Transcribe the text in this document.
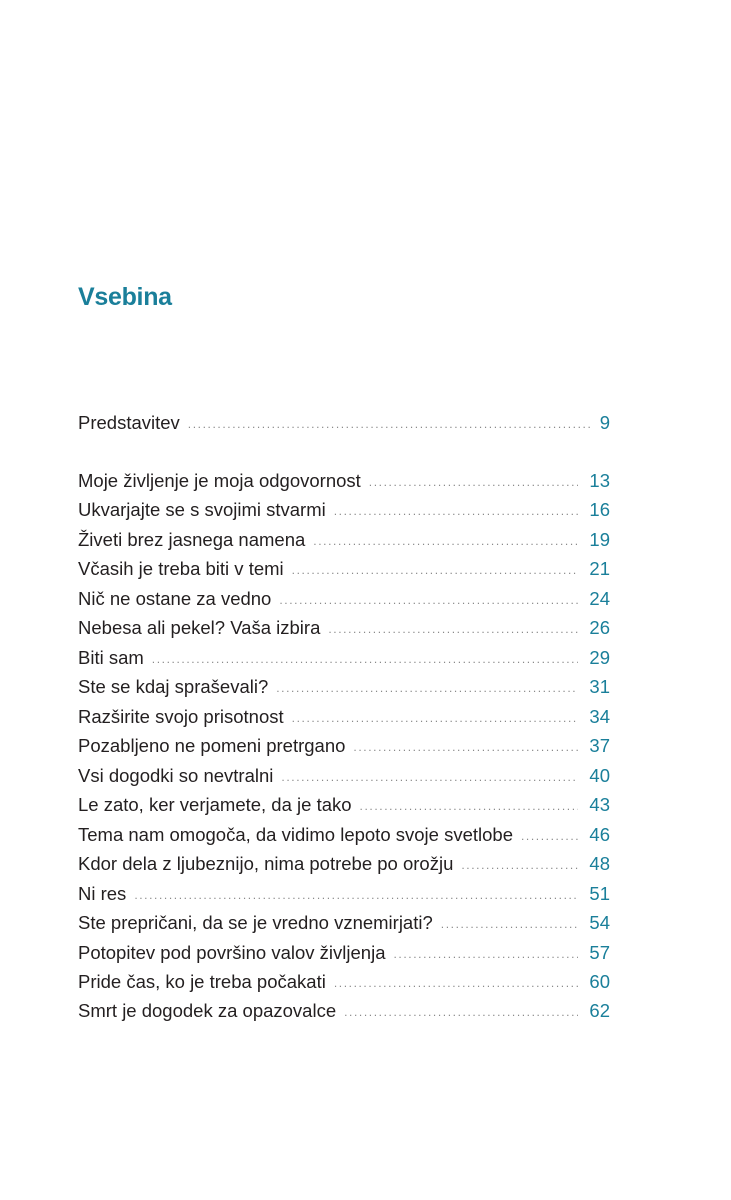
Vsebina
Predstavitev .....	9
Moje življenje je moja odgovornost .....	13
Ukvarjajte se s svojimi stvarmi .....	16
Živeti brez jasnega namena .....	19
Včasih je treba biti v temi .....	21
Nič ne ostane za vedno .....	24
Nebesa ali pekel? Vaša izbira .....	26
Biti sam .....	29
Ste se kdaj spraševali? .....	31
Razširite svojo prisotnost .....	34
Pozabljeno ne pomeni pretrgano .....	37
Vsi dogodki so nevtralni .....	40
Le zato, ker verjamete, da je tako .....	43
Tema nam omogoča, da vidimo lepoto svoje svetlobe .....	46
Kdor dela z ljubeznijo, nima potrebe po orožju .....	48
Ni res .....	51
Ste prepričani, da se je vredno vznemirjati? .....	54
Potopitev pod površino valov življenja .....	57
Pride čas, ko je treba počakati .....	60
Smrt je dogodek za opazovalce .....	62
